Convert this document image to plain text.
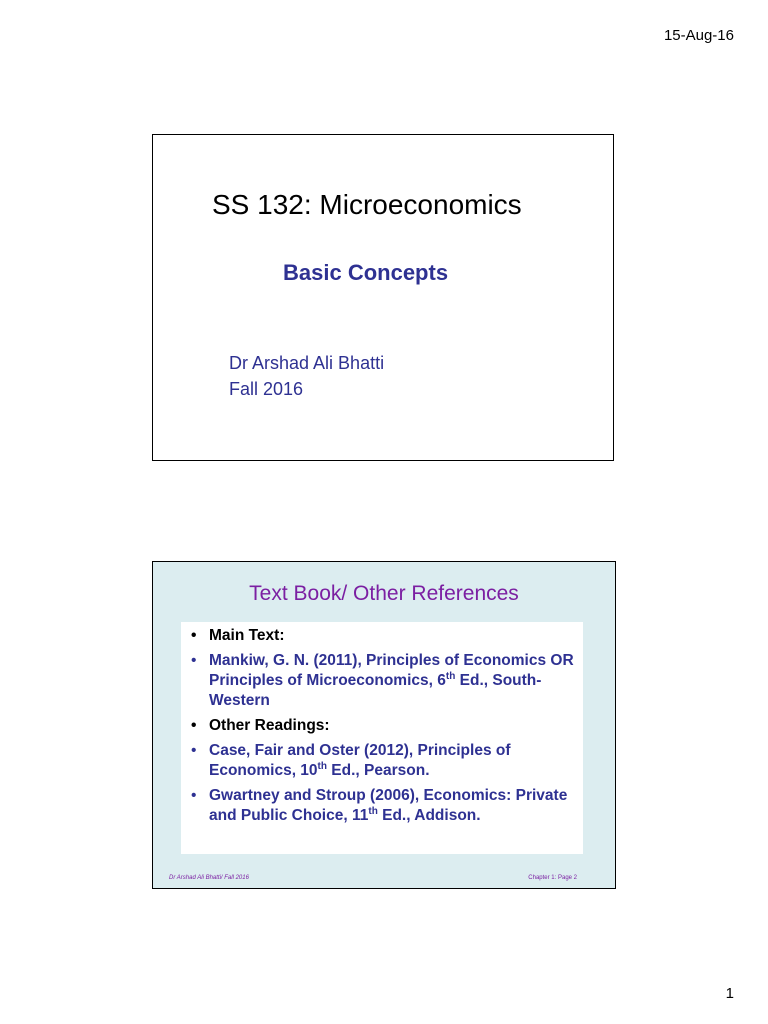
15-Aug-16
SS 132: Microeconomics
Basic Concepts
Dr Arshad Ali Bhatti
Fall 2016
Text Book/ Other References
• Main Text:
• Mankiw, G. N. (2011), Principles of Economics OR Principles of Microeconomics, 6th Ed., South-Western
• Other Readings:
• Case, Fair and Oster (2012), Principles of Economics, 10th Ed., Pearson.
• Gwartney and Stroup (2006), Economics: Private and Public Choice, 11th Ed., Addison.
Dr Arshad Ali Bhatti/ Fall 2016	Chapter 1: Page 2
1
